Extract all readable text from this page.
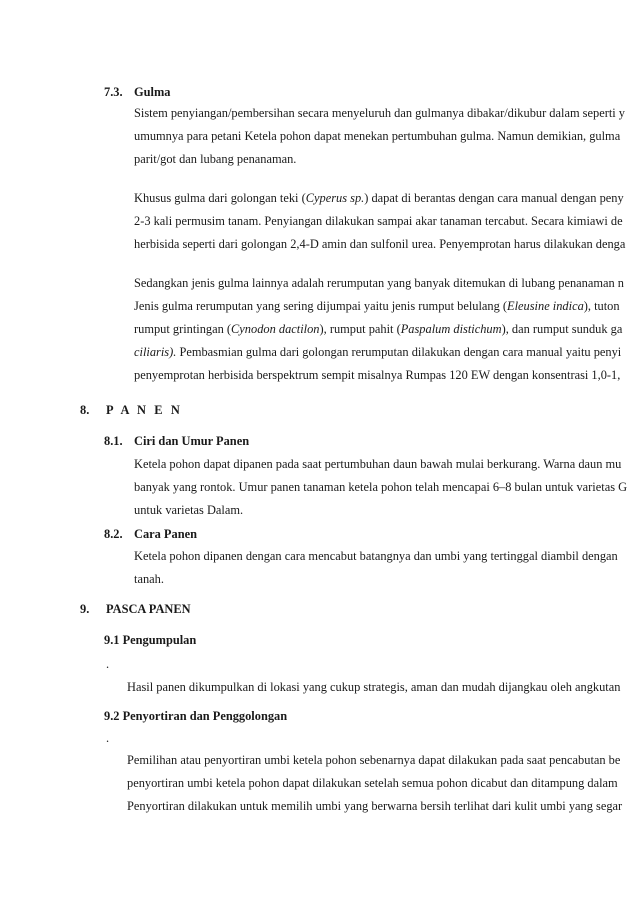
7.3. Gulma
Sistem penyiangan/pembersihan secara menyeluruh dan gulmanya dibakar/dikubur dalam seperti y
umumnya para petani Ketela pohon dapat menekan pertumbuhan gulma. Namun demikian, gulma
parit/got dan lubang penanaman.
Khusus gulma dari golongan teki (Cyperus sp.) dapat di berantas dengan cara manual dengan peny
2-3 kali permusim tanam. Penyiangan dilakukan sampai akar tanaman tercabut. Secara kimiawi de
herbisida seperti dari golongan 2,4-D amin dan sulfonil urea. Penyemprotan harus dilakukan denga
Sedangkan jenis gulma lainnya adalah rerumputan yang banyak ditemukan di lubang penanaman n
Jenis gulma rerumputan yang sering dijumpai yaitu jenis rumput belulang (Eleusine indica), tuton
rumput grintingan (Cynodon dactilon), rumput pahit (Paspalum distichum), dan rumput sunduk ga
ciliaris). Pembasmian gulma dari golongan rerumputan dilakukan dengan cara manual yaitu penyi
penyemprotan herbisida berspektrum sempit misalnya Rumpas 120 EW dengan konsentrasi 1,0-1,
8. P A N E N
8.1. Ciri dan Umur Panen
Ketela pohon dapat dipanen pada saat pertumbuhan daun bawah mulai berkurang. Warna daun mu
banyak yang rontok. Umur panen tanaman ketela pohon telah mencapai 6–8 bulan untuk varietas G
untuk varietas Dalam.
8.2. Cara Panen
Ketela pohon dipanen dengan cara mencabut batangnya dan umbi yang tertinggal diambil dengan
tanah.
9. PASCA PANEN
9.1 Pengumpulan
.
Hasil panen dikumpulkan di lokasi yang cukup strategis, aman dan mudah dijangkau oleh angkutan
9.2 Penyortiran dan Penggolongan
.
Pemilihan atau penyortiran umbi ketela pohon sebenarnya dapat dilakukan pada saat pencabutan be
penyortiran umbi ketela pohon dapat dilakukan setelah semua pohon dicabut dan ditampung dalam
Penyortiran dilakukan untuk memilih umbi yang berwarna bersih terlihat dari kulit umbi yang segar
